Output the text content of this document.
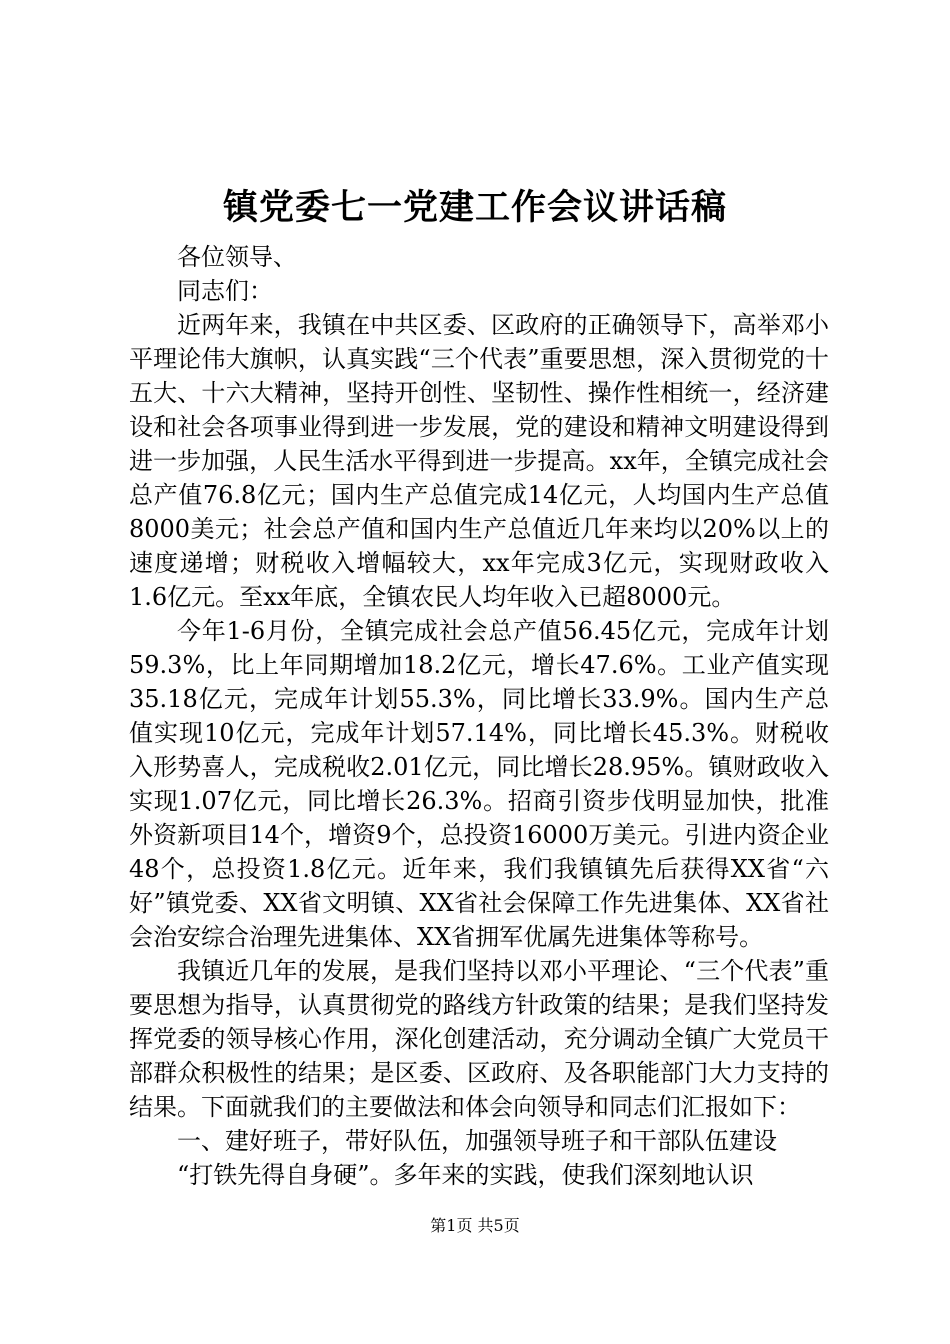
镇党委七一党建工作会议讲话稿

各位领导、

同志们：

近两年来，我镇在中共区委、区政府的正确领导下，高举邓小平理论伟大旗帜，认真实践“三个代表”重要思想，深入贯彻党的十五大、十六大精神，坚持开创性、坚韧性、操作性相统一，经济建设和社会各项事业得到进一步发展，党的建设和精神文明建设得到进一步加强，人民生活水平得到进一步提高。xx年，全镇完成社会总产值76.8亿元；国内生产总值完成14亿元，人均国内生产总值8000美元；社会总产值和国内生产总值近几年来均以20%以上的速度递增；财税收入增幅较大，xx年完成3亿元，实现财政收入1.6亿元。至xx年底，全镇农民人均年收入已超8000元。

今年1-6月份，全镇完成社会总产值56.45亿元，完成年计划59.3%，比上年同期增加18.2亿元，增长47.6%。工业产值实现35.18亿元，完成年计划55.3%，同比增长33.9%。国内生产总值实现10亿元，完成年计划57.14%，同比增长45.3%。财税收入形势喜人，完成税收2.01亿元，同比增长28.95%。镇财政收入实现1.07亿元，同比增长26.3%。招商引资步伐明显加快，批准外资新项目14个，增资9个，总投资16000万美元。引进内资企业48个，总投资1.8亿元。近年来，我们我镇镇先后获得XX省“六好”镇党委、XX省文明镇、XX省社会保障工作先进集体、XX省社会治安综合治理先进集体、XX省拥军优属先进集体等称号。

我镇近几年的发展，是我们坚持以邓小平理论、“三个代表”重要思想为指导，认真贯彻党的路线方针政策的结果；是我们坚持发挥党委的领导核心作用，深化创建活动，充分调动全镇广大党员干部群众积极性的结果；是区委、区政府、及各职能部门大力支持的结果。下面就我们的主要做法和体会向领导和同志们汇报如下：

一、建好班子，带好队伍，加强领导班子和干部队伍建设

“打铁先得自身硬”。多年来的实践，使我们深刻地认识

第1页 共5页
